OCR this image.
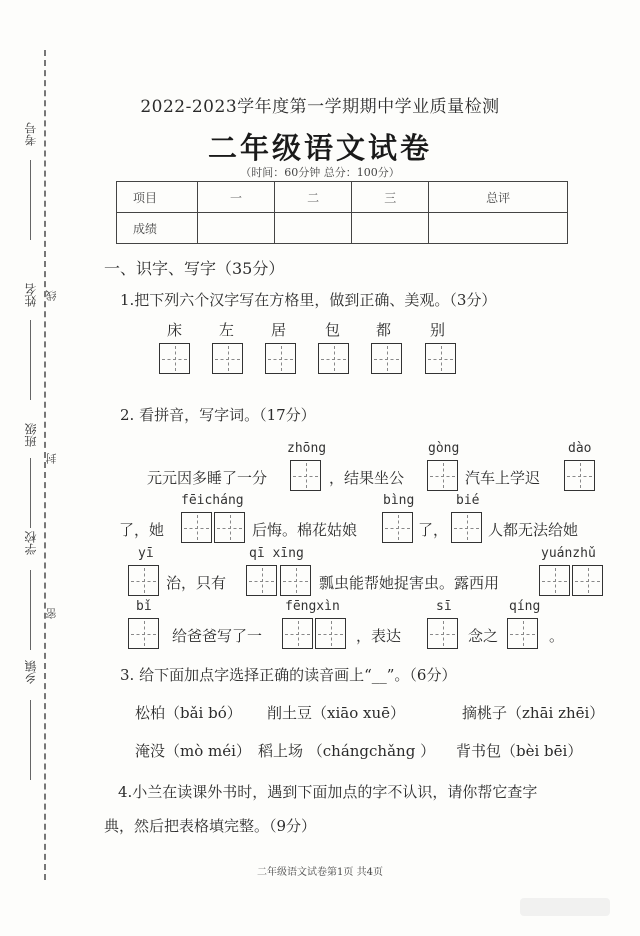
考号
姓名 线
班级
封
学校
密
乡镇
2022-2023学年度第一学期期中学业质量检测
二年级语文试卷
（时间：60分钟 总分：100分）
项目	一	二	三	总评
成绩				
一、识字、写字（35分）
1.把下列六个汉字写在方格里，做到正确、美观。（3分）
床 左 居	包 都	别
2. 看拼音，写字词。（17分）
zhōng	gòng	dào
元元因多睡了一分	，结果坐公	汽车上学迟
fēicháng	bìng	bié
了，她	后悔。棉花姑娘	了，	人都无法给她
yī	qī xīng	yuánzhǔ
治，只有	瓢虫能帮她捉害虫。露西用
bǐ	fēngxìn	sī	qíng
给爸爸写了一	，表达	念之	。
3. 给下面加点字选择正确的读音画上“__”。（6分）
松柏（bǎi bó） 削土豆（xiāo xuē）	摘桃子（zhāi zhēi）
淹没（mò méi） 稻上场 （chángchǎng ） 背书包（bèi bēi）
4.小兰在读课外书时，遇到下面加点的字不认识，请你帮它查字
典，然后把表格填完整。（9分）
二年级语文试卷第1页 共4页
